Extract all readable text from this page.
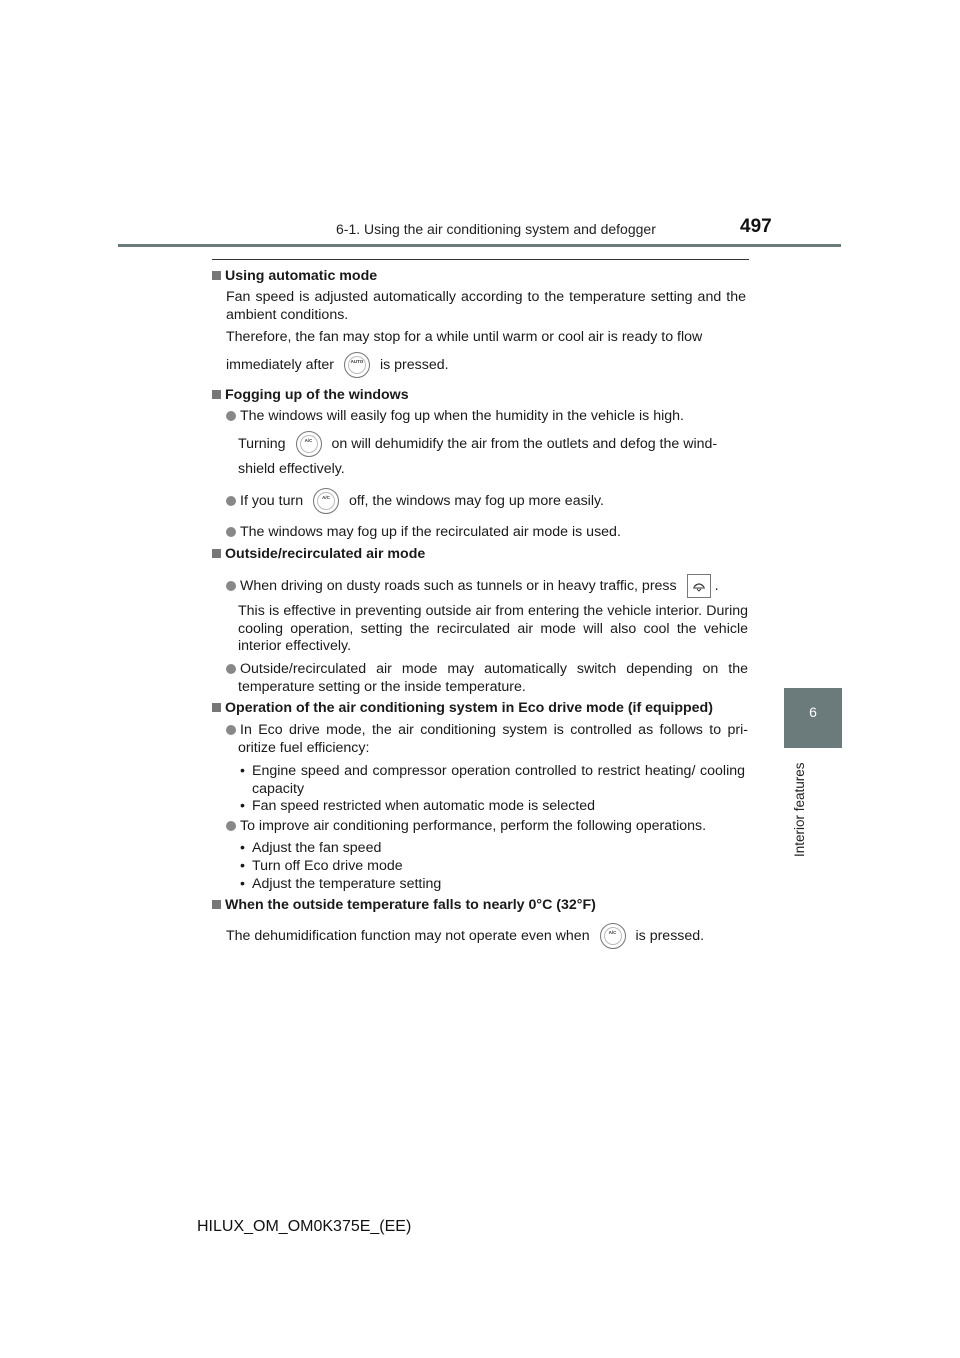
6-1. Using the air conditioning system and defogger	497
6
Interior features
Using automatic mode
Fan speed is adjusted automatically according to the temperature setting and the ambient conditions.
Therefore, the fan may stop for a while until warm or cool air is ready to flow
immediately after	AUTO	is pressed.
Fogging up of the windows
The windows will easily fog up when the humidity in the vehicle is high.
Turning	A/C	on will dehumidify the air from the outlets and defog the wind-
shield effectively.
If you turn	A/C	off, the windows may fog up more easily.
The windows may fog up if the recirculated air mode is used.
Outside/recirculated air mode
When driving on dusty roads such as tunnels or in heavy traffic, press	.
This is effective in preventing outside air from entering the vehicle interior. During cooling operation, setting the recirculated air mode will also cool the vehicle interior effectively.
Outside/recirculated air mode may automatically switch depending on the temperature setting or the inside temperature.
Operation of the air conditioning system in Eco drive mode (if equipped)
In Eco drive mode, the air conditioning system is controlled as follows to pri- oritize fuel efficiency:
• Engine speed and compressor operation controlled to restrict heating/ cooling capacity
• Fan speed restricted when automatic mode is selected
To improve air conditioning performance, perform the following operations.
• Adjust the fan speed
• Turn off Eco drive mode
• Adjust the temperature setting
When the outside temperature falls to nearly 0°C (32°F)
The dehumidification function may not operate even when	A/C	is pressed.
HILUX_OM_OM0K375E_(EE)
